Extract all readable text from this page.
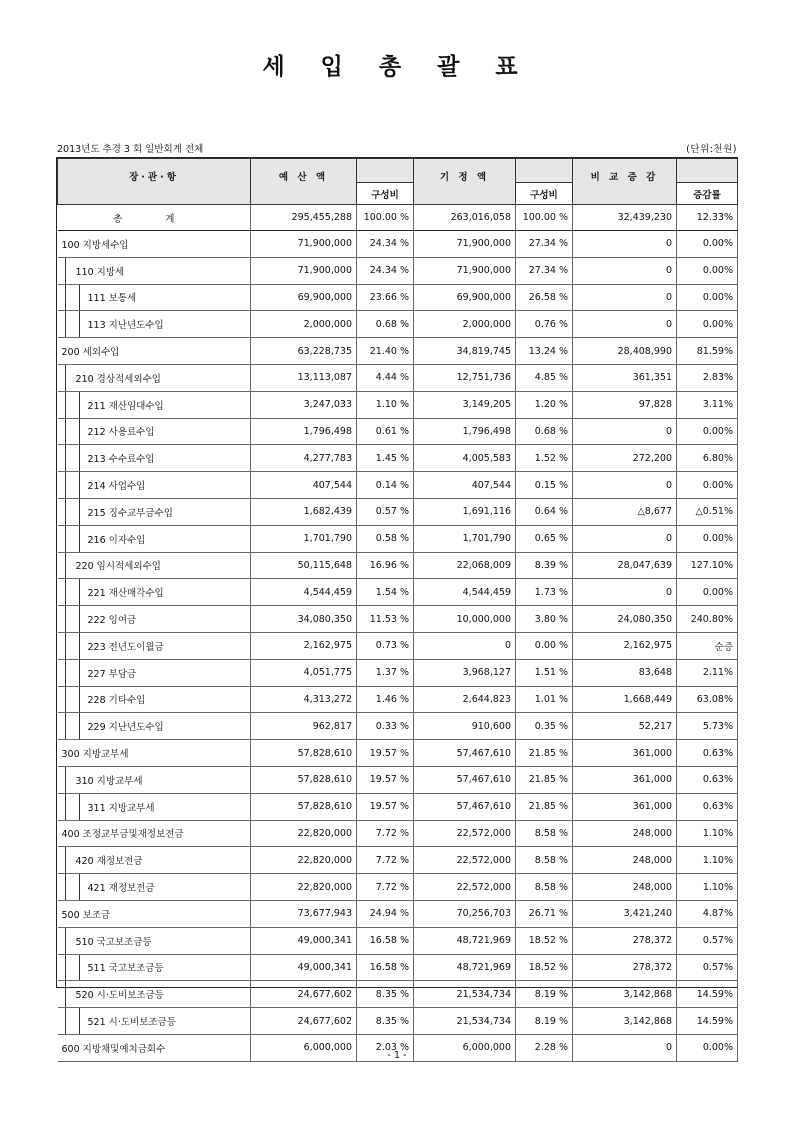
세 입 총 괄 표
2013년도 추경 3 회 일반회계 전체	(단위:천원)
장·관·항	예 산 액		기 정 액		비 교 증 감	
		구성비		구성비		증감률

총 계	295,455,288	100.00 %	263,016,058	100.00 %	32,439,230	12.33%

100 지방세수입	71,900,000	24.34 %	71,900,000	27.34 %	0	0.00%

110 지방세	71,900,000	24.34 %	71,900,000	27.34 %	0	0.00%

111 보통세	69,900,000	23.66 %	69,900,000	26.58 %	0	0.00%

113 지난년도수입	2,000,000	0.68 %	2,000,000	0.76 %	0	0.00%

200 세외수입	63,228,735	21.40 %	34,819,745	13.24 %	28,408,990	81.59%

210 경상적세외수입	13,113,087	4.44 %	12,751,736	4.85 %	361,351	2.83%

211 재산임대수입	3,247,033	1.10 %	3,149,205	1.20 %	97,828	3.11%

212 사용료수입	1,796,498	0.61 %	1,796,498	0.68 %	0	0.00%

213 수수료수입	4,277,783	1.45 %	4,005,583	1.52 %	272,200	6.80%

214 사업수입	407,544	0.14 %	407,544	0.15 %	0	0.00%

215 징수교부금수입	1,682,439	0.57 %	1,691,116	0.64 %	△8,677	△0.51%

216 이자수입	1,701,790	0.58 %	1,701,790	0.65 %	0	0.00%

220 임시적세외수입	50,115,648	16.96 %	22,068,009	8.39 %	28,047,639	127.10%

221 재산매각수입	4,544,459	1.54 %	4,544,459	1.73 %	0	0.00%

222 잉여금	34,080,350	11.53 %	10,000,000	3.80 %	24,080,350	240.80%

223 전년도이월금	2,162,975	0.73 %	0	0.00 %	2,162,975	순증

227 부담금	4,051,775	1.37 %	3,968,127	1.51 %	83,648	2.11%

228 기타수입	4,313,272	1.46 %	2,644,823	1.01 %	1,668,449	63.08%

229 지난년도수입	962,817	0.33 %	910,600	0.35 %	52,217	5.73%

300 지방교부세	57,828,610	19.57 %	57,467,610	21.85 %	361,000	0.63%

310 지방교부세	57,828,610	19.57 %	57,467,610	21.85 %	361,000	0.63%

311 지방교부세	57,828,610	19.57 %	57,467,610	21.85 %	361,000	0.63%

400 조정교부금및재정보전금	22,820,000	7.72 %	22,572,000	8.58 %	248,000	1.10%

420 재정보전금	22,820,000	7.72 %	22,572,000	8.58 %	248,000	1.10%

421 재정보전금	22,820,000	7.72 %	22,572,000	8.58 %	248,000	1.10%

500 보조금	73,677,943	24.94 %	70,256,703	26.71 %	3,421,240	4.87%

510 국고보조금등	49,000,341	16.58 %	48,721,969	18.52 %	278,372	0.57%

511 국고보조금등	49,000,341	16.58 %	48,721,969	18.52 %	278,372	0.57%

520 시·도비보조금등	24,677,602	8.35 %	21,534,734	8.19 %	3,142,868	14.59%

521 시·도비보조금등	24,677,602	8.35 %	21,534,734	8.19 %	3,142,868	14.59%

600 지방채및예치금회수	6,000,000	2.03 %	6,000,000	2.28 %	0	0.00%
- 1 -
